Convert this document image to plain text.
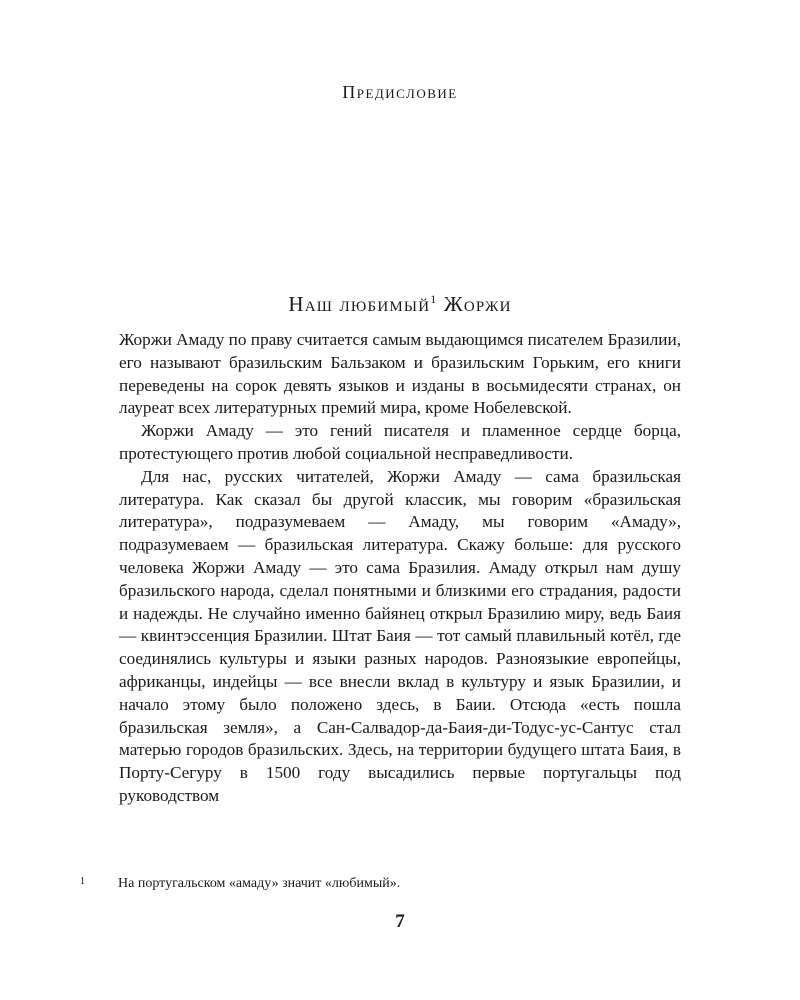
Предисловие
Наш любимый$^1$ Жоржи

Жоржи Амаду по праву считается самым выдающимся писателем Бразилии, его называют бразильским Бальзаком и бразильским Горьким, его книги переведены на сорок девять языков и изданы в восьмидесяти странах, он лауреат всех литературных премий мира, кроме Нобелевской.

Жоржи Амаду — это гений писателя и пламенное сердце борца, протестующего против любой социальной несправедливости.

Для нас, русских читателей, Жоржи Амаду — сама бразильская литература. Как сказал бы другой классик, мы говорим «бразильская литература», подразумеваем — Амаду, мы говорим «Амаду», подразумеваем — бразильская литература. Скажу больше: для русского человека Жоржи Амаду — это сама Бразилия. Амаду открыл нам душу бразильского народа, сделал понятными и близкими его страдания, радости и надежды. Не случайно именно байянец открыл Бразилию миру, ведь Баия — квинтэссенция Бразилии. Штат Баия — тот самый плавильный котёл, где соединялись культуры и языки разных народов. Разноязыкие европейцы, африканцы, индейцы — все внесли вклад в культуру и язык Бразилии, и начало этому было положено здесь, в Баии. Отсюда «есть пошла бразильская земля», а Сан-Салвадор-да-Баия-ди-Тодус-ус-Сантус стал матерью городов бразильских. Здесь, на территории будущего штата Баия, в Порту-Сегуру в 1500 году высадились первые португальцы под руководством

1 На португальском «амаду» значит «любимый».
7
